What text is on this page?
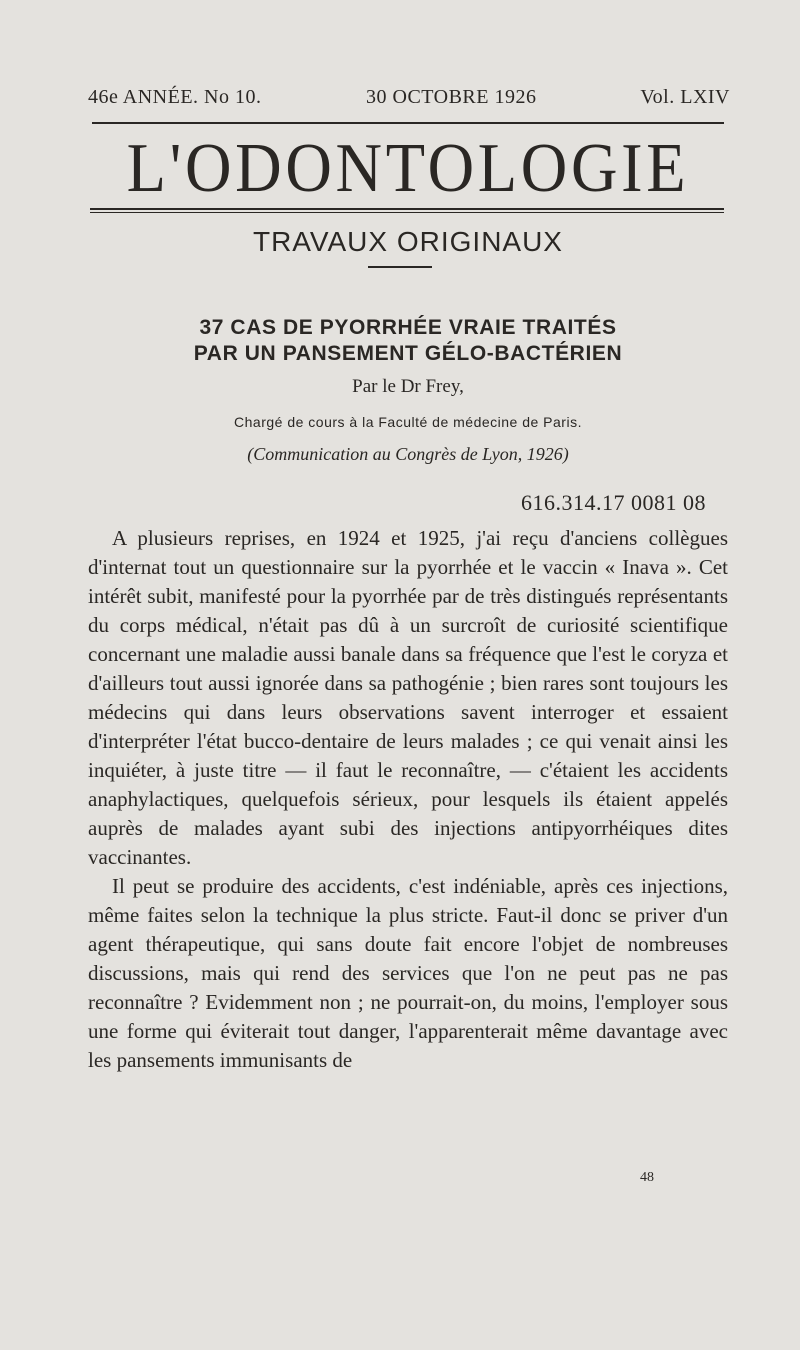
46e ANNÉE. No 10.	30 OCTOBRE 1926	Vol. LXIV
L'ODONTOLOGIE
TRAVAUX ORIGINAUX
37 CAS DE PYORRHÉE VRAIE TRAITÉS
PAR UN PANSEMENT GÉLO-BACTÉRIEN
Par le Dr Frey,
Chargé de cours à la Faculté de médecine de Paris.
(Communication au Congrès de Lyon, 1926)
616.314.17 0081 08

A plusieurs reprises, en 1924 et 1925, j'ai reçu d'anciens collègues d'internat tout un questionnaire sur la pyorrhée et le vaccin « Inava ». Cet intérêt subit, manifesté pour la pyorrhée par de très distingués représentants du corps médical, n'était pas dû à un surcroît de curiosité scientifique concernant une maladie aussi banale dans sa fréquence que l'est le coryza et d'ailleurs tout aussi ignorée dans sa pathogénie ; bien rares sont toujours les médecins qui dans leurs observations savent interroger et essaient d'interpréter l'état bucco-dentaire de leurs malades ; ce qui venait ainsi les inquiéter, à juste titre — il faut le reconnaître, — c'étaient les accidents anaphylactiques, quelquefois sérieux, pour lesquels ils étaient appelés auprès de malades ayant subi des injections antipyorrhéiques dites vaccinantes.

Il peut se produire des accidents, c'est indéniable, après ces injections, même faites selon la technique la plus stricte. Faut-il donc se priver d'un agent thérapeutique, qui sans doute fait encore l'objet de nombreuses discussions, mais qui rend des services que l'on ne peut pas ne pas reconnaître ? Evidemment non ; ne pourrait-on, du moins, l'employer sous une forme qui éviterait tout danger, l'apparenterait même davantage avec les pansements immunisants de

48
